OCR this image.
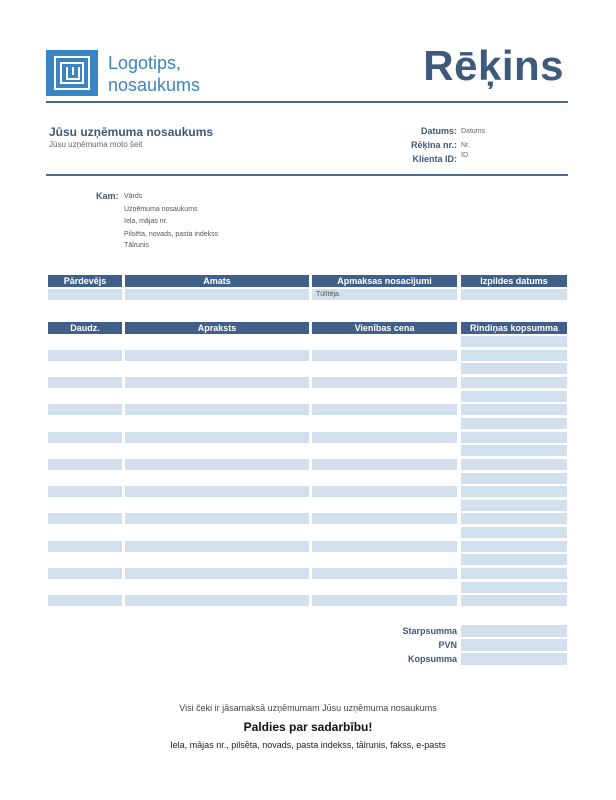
Logotips,
nosaukums	Rēķins
Jūsu uzņēmuma nosaukums
Jūsu uzņēmuma moto šeit
Datums: Datums
Rēķina nr.: Nr.
Klienta ID: ID
Kam: Vārds
Uzņēmuma nosaukums
Iela, mājas nr.
Pilsēta, novads, pasta indekss
Tālrunis
Pārdevējs	Amats	Apmaksas nosacījumi	Izpildes datums
Tūlītēja
Daudz.	Apraksts	Vienības cena	Rindiņas kopsumma
Starpsumma
PVN
Kopsumma
Visi čeki ir jāsamaksā uzņēmumam Jūsu uzņēmuma nosaukums
Paldies par sadarbību!
Iela, mājas nr., pilsēta, novads, pasta indekss, tālrunis, fakss, e-pasts
